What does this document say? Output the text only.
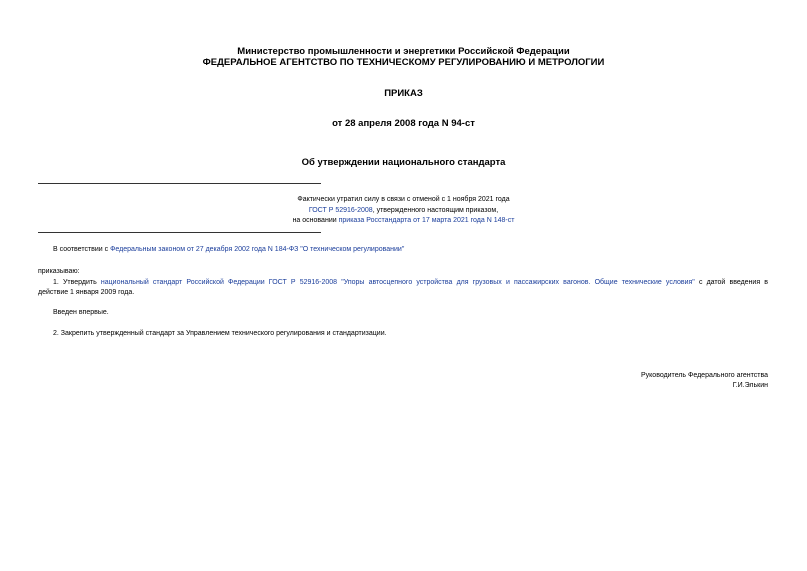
Министерство промышленности и энергетики Российской Федерации
ФЕДЕРАЛЬНОЕ АГЕНТСТВО ПО ТЕХНИЧЕСКОМУ РЕГУЛИРОВАНИЮ И МЕТРОЛОГИИ
ПРИКАЗ
от 28 апреля 2008 года N 94-ст
Об утверждении национального стандарта
Фактически утратил силу в связи с отменой с 1 ноября 2021 года
ГОСТ Р 52916-2008, утвержденного настоящим приказом,
на основании приказа Росстандарта от 17 марта 2021 года N 148-ст
В соответствии с Федеральным законом от 27 декабря 2002 года N 184-ФЗ "О техническом регулировании"
приказываю:
1. Утвердить национальный стандарт Российской Федерации ГОСТ Р 52916-2008 "Упоры автосцепного устройства для грузовых и пассажирских вагонов. Общие технические условия" с датой введения в
действие 1 января 2009 года.
Введен впервые.
2. Закрепить утвержденный стандарт за Управлением технического регулирования и стандартизации.
Руководитель Федерального агентства
Г.И.Элькин
